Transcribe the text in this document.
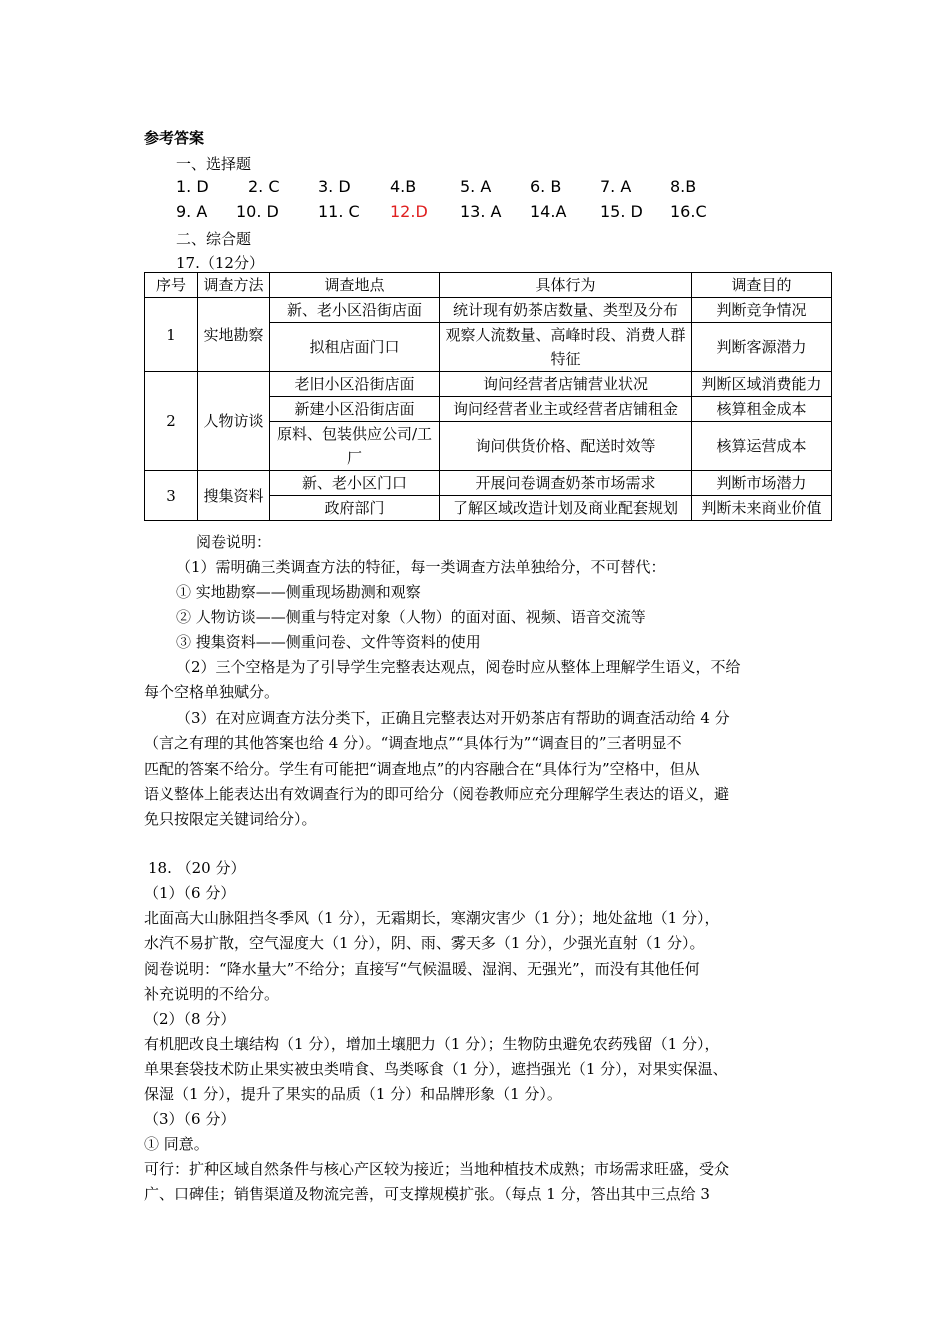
参考答案
一、选择题
1. D 2. C 3. D 4.B	5. A 6. B 7. A 8.B
9. A 10. D 11. C 12.D 13. A 14.A 15. D 16.C
二、综合题
17.（12分）
序号	调查方法	调查地点	具体行为	调查目的
1	实地勘察	新、老小区沿街店面	统计现有奶茶店数量、类型及分布	判断竞争情况
		拟租店面门口	观察人流数量、高峰时段、消费人群特征	判断客源潜力
2	人物访谈	老旧小区沿街店面	询问经营者店铺营业状况	判断区域消费能力
		新建小区沿街店面	询问经营者业主或经营者店铺租金	核算租金成本
		原料、包装供应公司/工厂	询问供货价格、配送时效等	核算运营成本
3	搜集资料	新、老小区门口	开展问卷调查奶茶市场需求	判断市场潜力
		政府部门	了解区域改造计划及商业配套规划	判断未来商业价值
阅卷说明：
（1）需明确三类调查方法的特征，每一类调查方法单独给分，不可替代：
① 实地勘察——侧重现场勘测和观察
② 人物访谈——侧重与特定对象（人物）的面对面、视频、语音交流等
③ 搜集资料——侧重问卷、文件等资料的使用
（2）三个空格是为了引导学生完整表达观点，阅卷时应从整体上理解学生语义，不给
每个空格单独赋分。
（3）在对应调查方法分类下，正确且完整表达对开奶茶店有帮助的调查活动给 4 分
（言之有理的其他答案也给 4 分）。“调查地点”“具体行为”“调查目的”三者明显不
匹配的答案不给分。学生有可能把“调查地点”的内容融合在“具体行为”空格中，但从
语义整体上能表达出有效调查行为的即可给分（阅卷教师应充分理解学生表达的语义，避
免只按限定关键词给分）。
18. （20 分）
（1）（6 分）
北面高大山脉阻挡冬季风（1 分），无霜期长，寒潮灾害少（1 分）；地处盆地（1 分），
水汽不易扩散，空气湿度大（1 分），阴、雨、雾天多（1 分），少强光直射（1 分）。
阅卷说明：“降水量大”不给分；直接写“气候温暖、湿润、无强光”，而没有其他任何
补充说明的不给分。
（2）（8 分）
有机肥改良土壤结构（1 分），增加土壤肥力（1 分）；生物防虫避免农药残留（1 分），
单果套袋技术防止果实被虫类啃食、鸟类啄食（1 分），遮挡强光（1 分），对果实保温、
保湿（1 分），提升了果实的品质（1 分）和品牌形象（1 分）。
（3）（6 分）
① 同意。
可行：扩种区域自然条件与核心产区较为接近；当地种植技术成熟；市场需求旺盛，受众
广、口碑佳；销售渠道及物流完善，可支撑规模扩张。（每点 1 分，答出其中三点给 3
